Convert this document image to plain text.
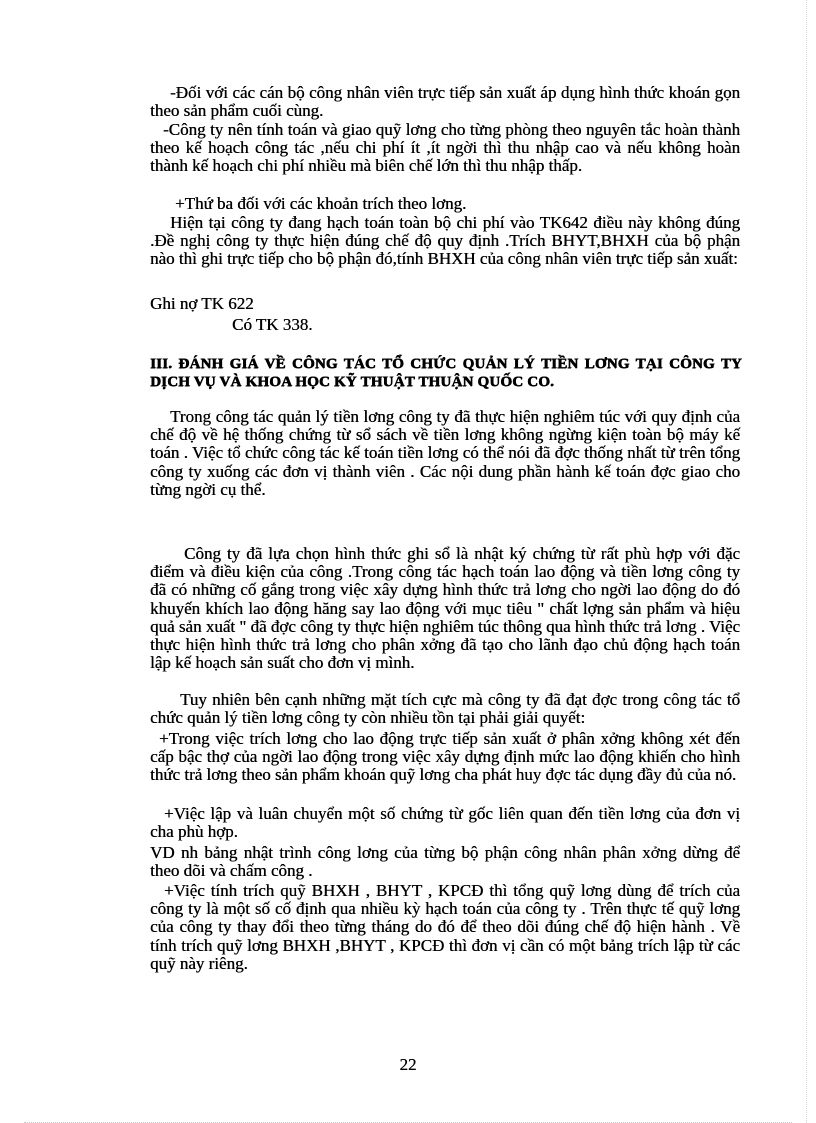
-Đối với các cán bộ công nhân viên trực tiếp sản xuất áp dụng hình thức khoán gọn theo sản phẩm cuối cùng.

-Công ty nên tính toán và giao quỹ lơng cho từng phòng theo nguyên tắc hoàn thành theo kế hoạch công tác ,nếu chi phí ít ,ít ngời thì thu nhập cao và nếu không hoàn thành kế hoạch chi phí nhiều mà biên chế lớn thì thu nhập thấp.

+Thứ ba đối với các khoản trích theo lơng.

Hiện tại công ty đang hạch toán toàn bộ chi phí vào TK642 điều này không đúng .Đề nghị công ty thực hiện đúng chế độ quy định .Trích BHYT,BHXH của bộ phận nào thì ghi trực tiếp cho bộ phận đó,tính BHXH của công nhân viên trực tiếp sản xuất:

Ghi nợ TK 622
Có TK 338.
III. ĐÁNH GIÁ VỀ CÔNG TÁC TỔ CHỨC QUẢN LÝ TIỀN LƠNG TẠI CÔNG TY DỊCH VỤ VÀ KHOA HỌC KỸ THUẬT THUẬN QUỐC CO.

Trong công tác quản lý tiền lơng công ty đã thực hiện nghiêm túc với quy định của chế độ về hệ thống chứng từ sổ sách về tiền lơng không ngừng kiện toàn bộ máy kế toán . Việc tổ chức công tác kế toán tiền lơng có thể nói đã đợc thống nhất từ trên tổng công ty xuống các đơn vị thành viên . Các nội dung phần hành kế toán đợc giao cho từng ngời cụ thể.

Công ty đã lựa chọn hình thức ghi sổ là nhật ký chứng từ rất phù hợp với đặc điểm và điều kiện của công .Trong công tác hạch toán lao động và tiền lơng công ty đã có những cố gắng trong việc xây dựng hình thức trả lơng cho ngời lao động do đó khuyến khích lao động hăng say lao động với mục tiêu " chất lợng sản phẩm và hiệu quả sản xuất " đã đợc công ty thực hiện nghiêm túc thông qua hình thức trả lơng . Việc thực hiện hình thức trả lơng cho phân xởng đã tạo cho lãnh đạo chủ động hạch toán lập kế hoạch sản suất cho đơn vị mình.

Tuy nhiên bên cạnh những mặt tích cực mà công ty đã đạt đợc trong công tác tổ chức quản lý tiền lơng công ty còn nhiều tồn tại phải giải quyết:

+Trong việc trích lơng cho lao động trực tiếp sản xuất ở phân xởng không xét đến cấp bậc thợ của ngời lao động trong việc xây dựng định mức lao động khiến cho hình thức trả lơng theo sản phẩm khoán quỹ lơng cha phát huy đợc tác dụng đầy đủ của nó.

+Việc lập và luân chuyển một số chứng từ gốc liên quan đến tiền lơng của đơn vị cha phù hợp.

VD nh bảng nhật trình công lơng của từng bộ phận công nhân phân xởng dừng để theo dõi và chấm công .

+Việc tính trích quỹ BHXH , BHYT , KPCĐ thì tổng quỹ lơng dùng để trích của công ty là một số cố định qua nhiều kỳ hạch toán của công ty . Trên thực tế quỹ lơng của công ty thay đổi theo từng tháng do đó để theo dõi đúng chế độ hiện hành . Về tính trích quỹ lơng BHXH ,BHYT , KPCĐ thì đơn vị cần có một bảng trích lập từ các quỹ này riêng.

22
